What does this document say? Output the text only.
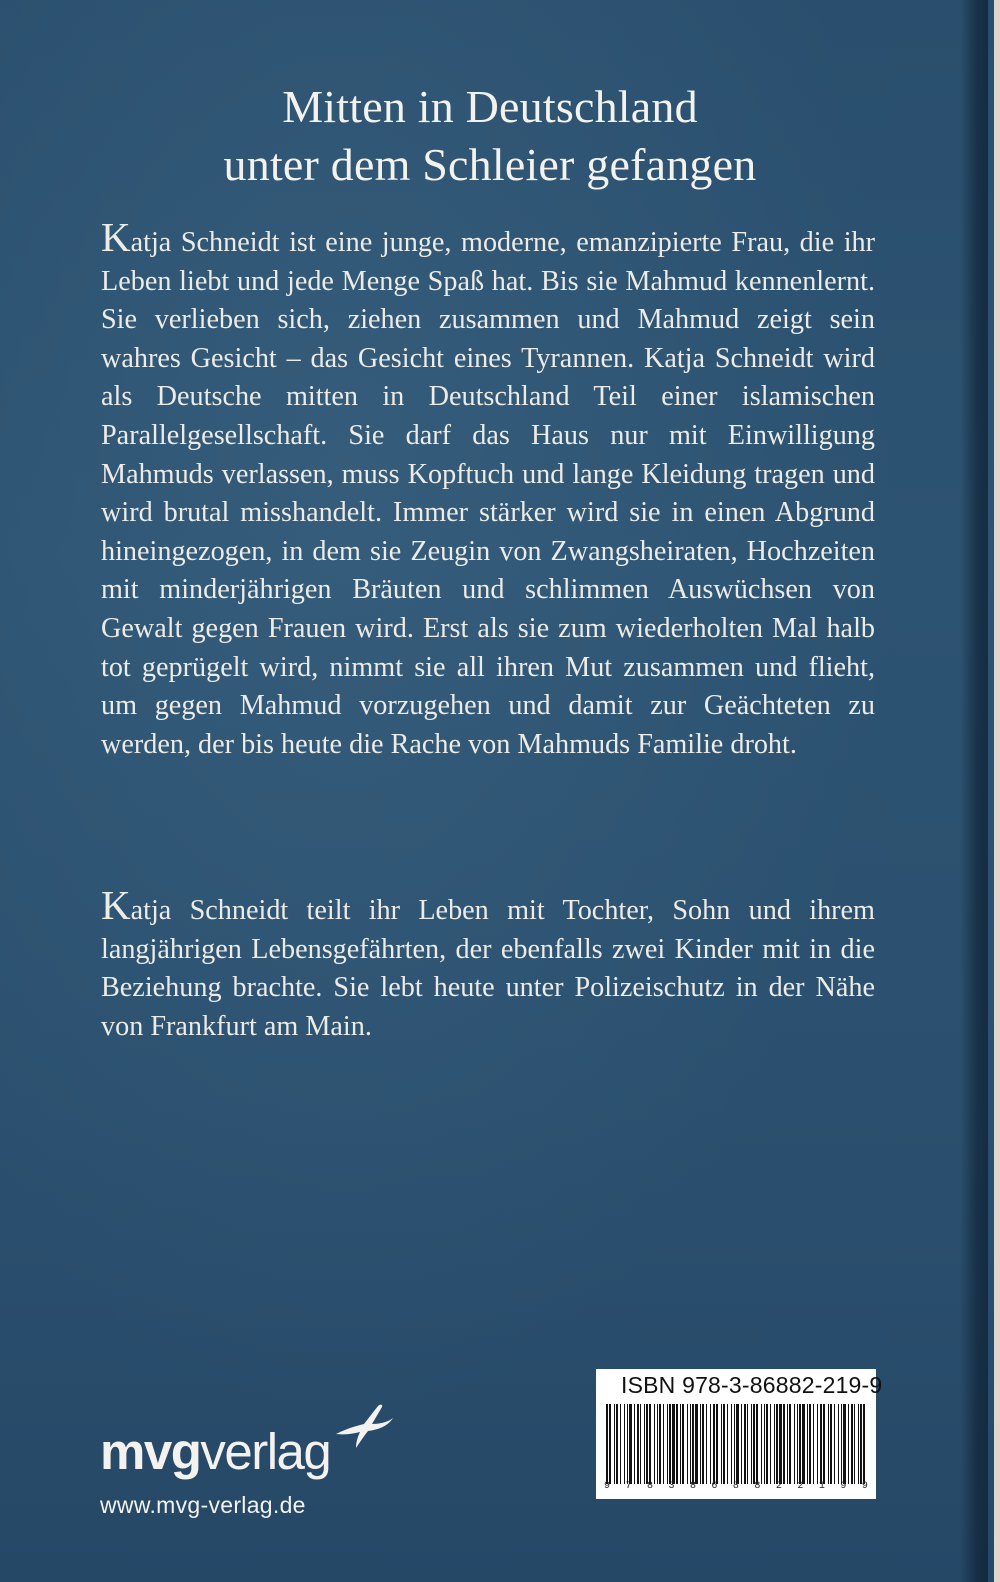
Mitten in Deutschland
unter dem Schleier gefangen
Katja Schneidt ist eine junge, moderne, emanzipierte Frau, die ihr Leben liebt und jede Menge Spaß hat. Bis sie Mahmud kennenlernt. Sie verlieben sich, ziehen zusammen und Mahmud zeigt sein wahres Gesicht – das Gesicht eines Tyrannen. Katja Schneidt wird als Deutsche mitten in Deutschland Teil einer islamischen Parallelgesellschaft. Sie darf das Haus nur mit Einwilligung Mahmuds verlassen, muss Kopftuch und lange Kleidung tragen und wird brutal misshandelt. Immer stärker wird sie in einen Abgrund hineingezogen, in dem sie Zeugin von Zwangsheiraten, Hochzeiten mit minderjährigen Bräuten und schlimmen Auswüchsen von Gewalt gegen Frauen wird. Erst als sie zum wiederholten Mal halb tot geprügelt wird, nimmt sie all ihren Mut zusammen und flieht, um gegen Mahmud vorzugehen und damit zur Geächteten zu werden, der bis heute die Rache von Mahmuds Familie droht.
Katja Schneidt teilt ihr Leben mit Tochter, Sohn und ihrem langjährigen Lebensgefährten, der ebenfalls zwei Kinder mit in die Beziehung brachte. Sie lebt heute unter Polizeischutz in der Nähe von Frankfurt am Main.
mvgverlag
www.mvg-verlag.de
ISBN 978-3-86882-219-9
9 7 8 3 8 6 8 8 2 2 1 9 9
